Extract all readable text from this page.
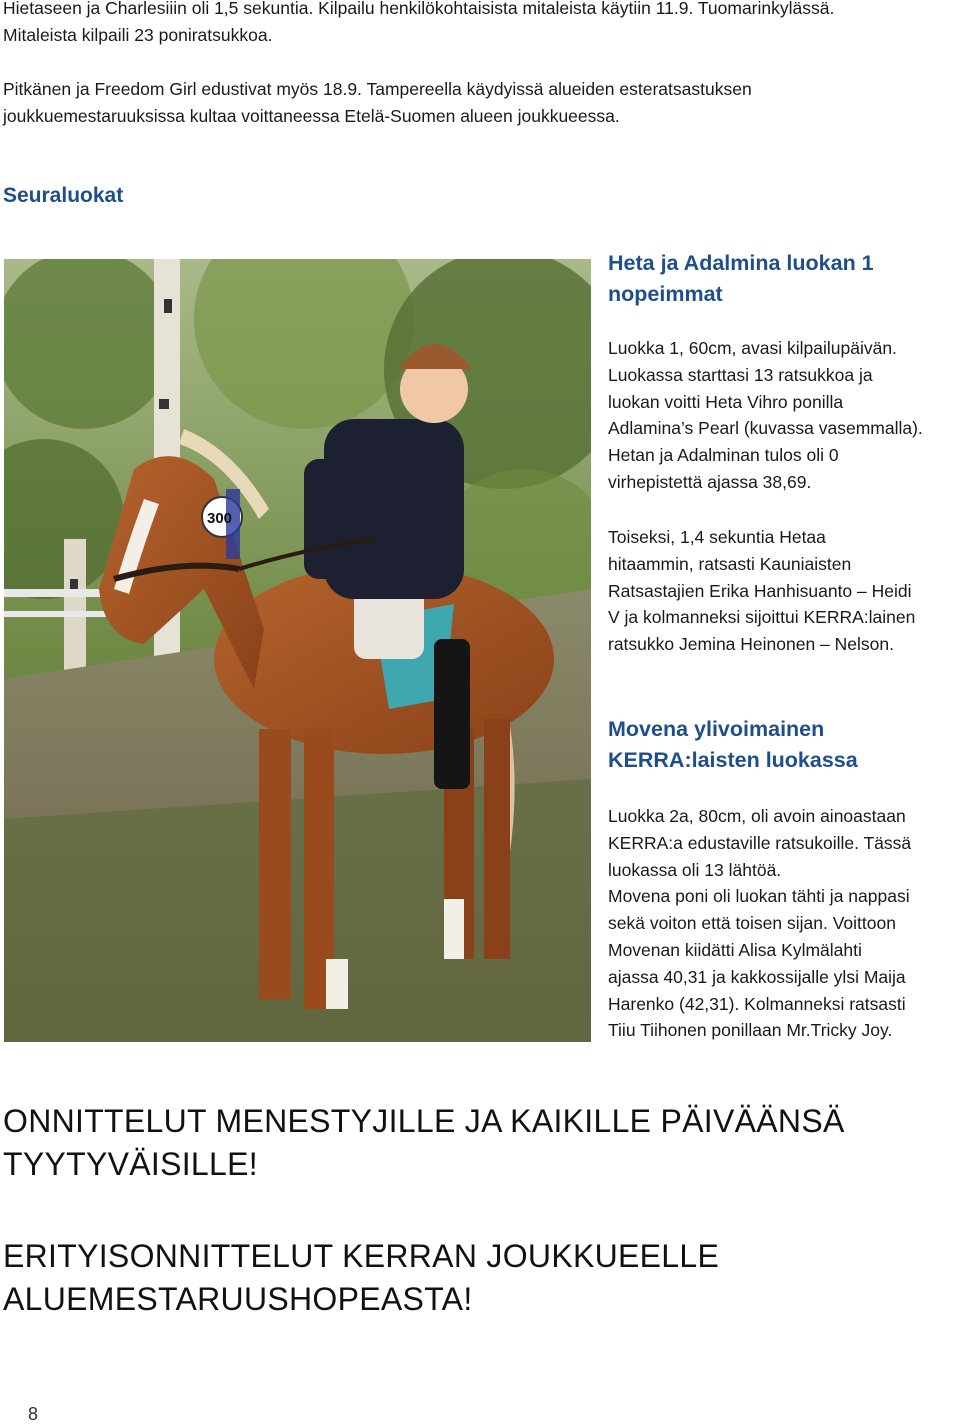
Hietaseen ja Charlesiiin oli 1,5 sekuntia. Kilpailu henkilökohtaisista mitaleista käytiin 11.9. Tuomarinkylässä.
Mitaleista kilpaili 23 poniratsukkoa.

Pitkänen ja Freedom Girl edustivat myös 18.9. Tampereella käydyissä alueiden esteratsastuksen
joukkuemestaruuksissa kultaa voittaneessa Etelä-Suomen alueen joukkueessa.

Seuraluokat
300
Heta ja Adalmina luokan 1
nopeimmat

Luokka 1, 60cm, avasi kilpailupäivän.
Luokassa starttasi 13 ratsukkoa ja
luokan voitti Heta Vihro ponilla
Adlamina’s Pearl (kuvassa vasemmalla).
Hetan ja Adalminan tulos oli 0
virhepistettä ajassa 38,69.

Toiseksi, 1,4 sekuntia Hetaa
hitaammin, ratsasti Kauniaisten
Ratsastajien Erika Hanhisuanto – Heidi
V ja kolmanneksi sijoittui KERRA:lainen
ratsukko Jemina Heinonen – Nelson.

Movena ylivoimainen
KERRA:laisten luokassa

Luokka 2a, 80cm, oli avoin ainoastaan
KERRA:a edustaville ratsukoille. Tässä
luokassa oli 13 lähtöä.
Movena poni oli luokan tähti ja nappasi
sekä voiton että toisen sijan. Voittoon
Movenan kiidätti Alisa Kylmälahti
ajassa 40,31 ja kakkossijalle ylsi Maija
Harenko (42,31). Kolmanneksi ratsasti
Tiiu Tiihonen ponillaan Mr.Tricky Joy.

ONNITTELUT MENESTYJILLE JA KAIKILLE PÄIVÄÄNSÄ
TYYTYVÄISILLE!

ERITYISONNITTELUT KERRAN JOUKKUEELLE
ALUEMESTARUUSHOPEASTA!

8
